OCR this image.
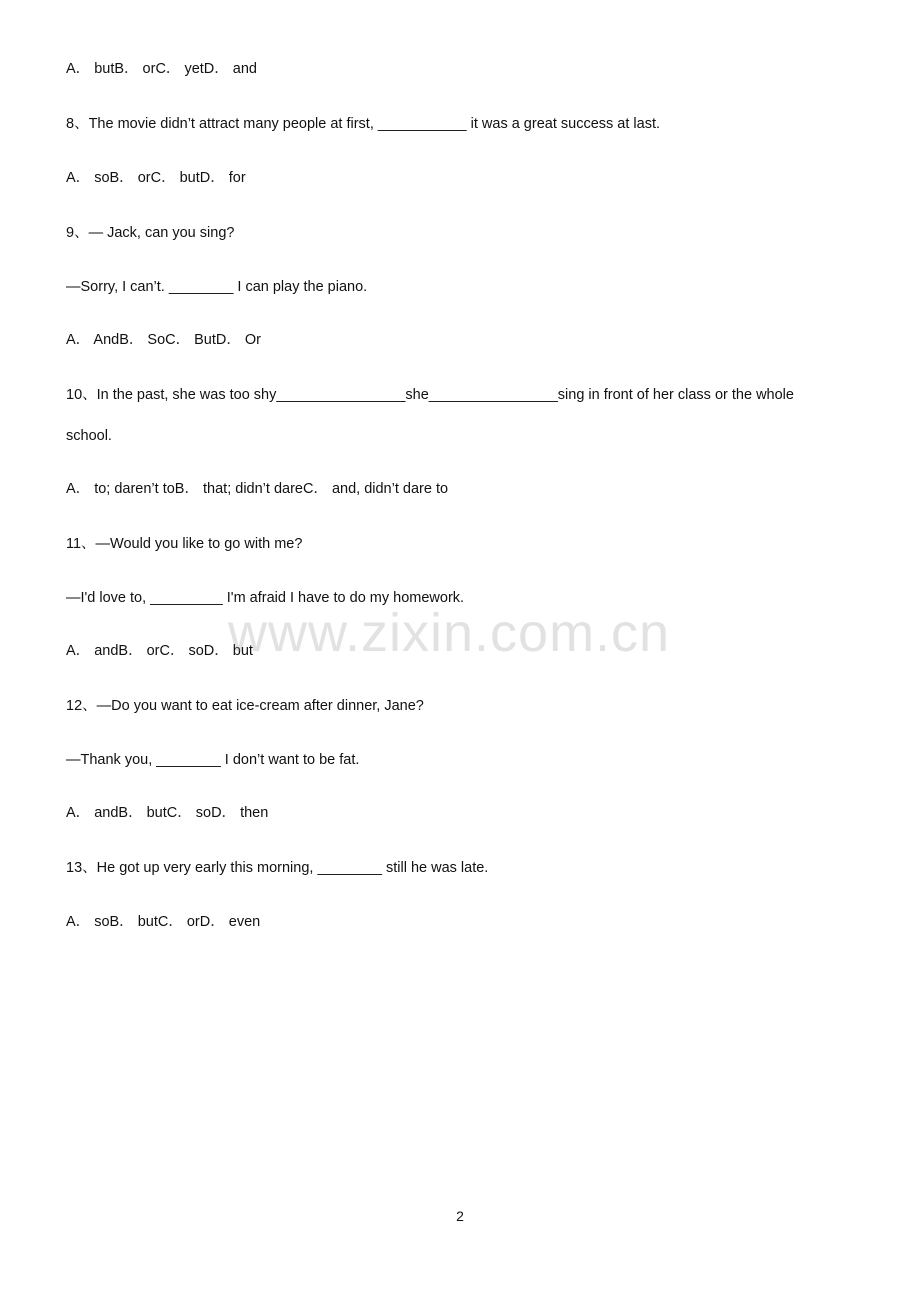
A． butB． orC． yetD． and
8、The movie didn’t attract many people at first, ___________ it was a great success at last.
A． soB． orC． butD． for
9、— Jack, can you sing?
—Sorry, I can’t. ________ I can play the piano.
A． AndB． SoC． ButD． Or
10、In the past, she was too shy________________she________________sing in front of her class or the whole
school.
A． to; daren’t toB． that; didn’t dareC． and, didn’t dare to
11、—Would you like to go with me?
—I'd love to, _________ I'm afraid I have to do my homework.
A． andB． orC． soD． but
12、—Do you want to eat ice-cream after dinner, Jane?
—Thank you, ________ I don’t want to be fat.
A． andB． butC． soD． then
13、He got up very early this morning, ________ still he was late.
A． soB． butC． orD． even
www.zixin.com.cn
2
